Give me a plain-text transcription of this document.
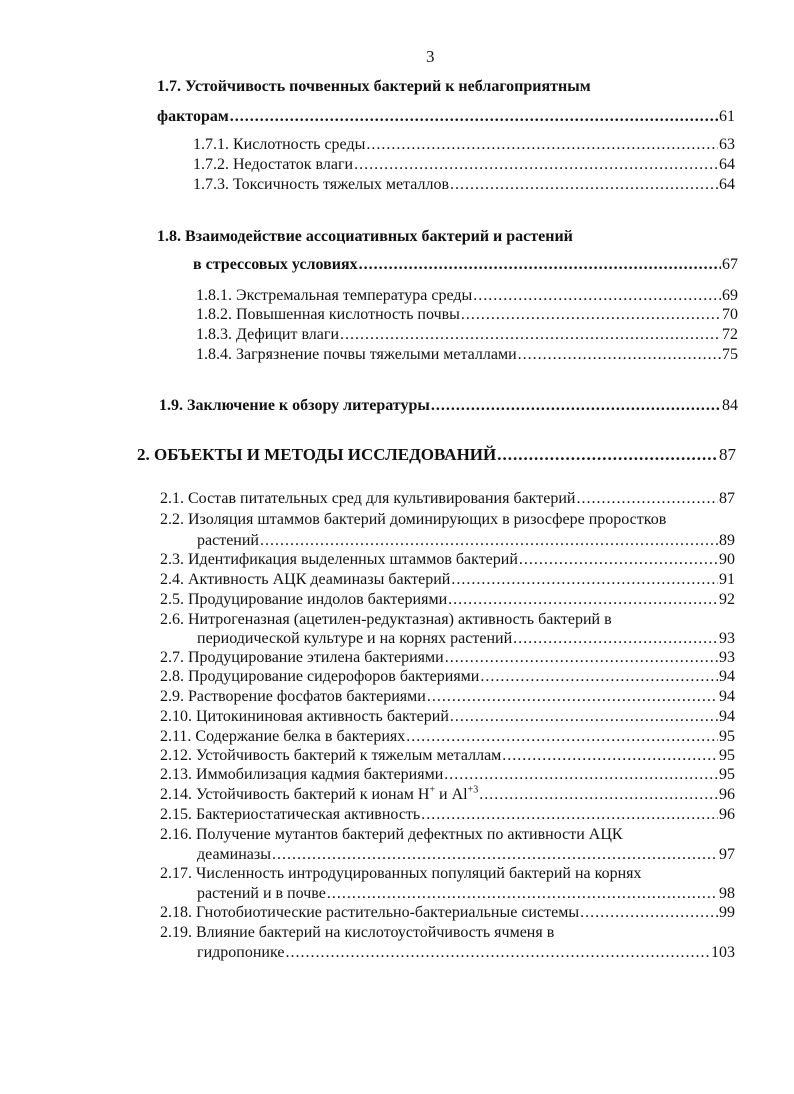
3
1.7. Устойчивость почвенных бактерий к неблагоприятным
факторам .....	61
1.7.1. Кислотность среды .....	63
1.7.2. Недостаток влаги .....	64
1.7.3. Токсичность тяжелых металлов .....	64
1.8. Взаимодействие ассоциативных бактерий и растений
в стрессовых условиях .....	67
1.8.1. Экстремальная температура среды .....	69
1.8.2. Повышенная кислотность почвы .....	70
1.8.3. Дефицит влаги .....	72
1.8.4. Загрязнение почвы тяжелыми металлами .....	75
1.9. Заключение к обзору литературы .....	84
2. ОБЪЕКТЫ И МЕТОДЫ ИССЛЕДОВАНИЙ .....	87
2.1. Состав питательных сред для культивирования бактерий .....	87
2.2. Изоляция штаммов бактерий доминирующих в ризосфере проростков
растений .....	89
2.3. Идентификация выделенных штаммов бактерий .....	90
2.4. Активность АЦК деаминазы бактерий .....	91
2.5. Продуцирование индолов бактериями .....	92
2.6. Нитрогеназная (ацетилен-редуктазная) активность бактерий в
периодической культуре и на корнях растений .....	93
2.7. Продуцирование этилена бактериями .....	93
2.8. Продуцирование сидерофоров бактериями .....	94
2.9. Растворение фосфатов бактериями .....	94
2.10. Цитокининовая активность бактерий .....	94
2.11. Содержание белка в бактериях .....	95
2.12. Устойчивость бактерий к тяжелым металлам .....	95
2.13. Иммобилизация кадмия бактериями .....	95
2.14. Устойчивость бактерий к ионам H+ и $Al^{+3}$ .....	96
2.15. Бактериостатическая активность .....	96
2.16. Получение мутантов бактерий дефектных по активности АЦК
деаминазы .....	97
2.17. Численность интродуцированных популяций бактерий на корнях
растений и в почве .....	98
2.18. Гнотобиотические растительно-бактериальные системы .....	99
2.19. Влияние бактерий на кислотоустойчивость ячменя в
гидропонике .....	103
